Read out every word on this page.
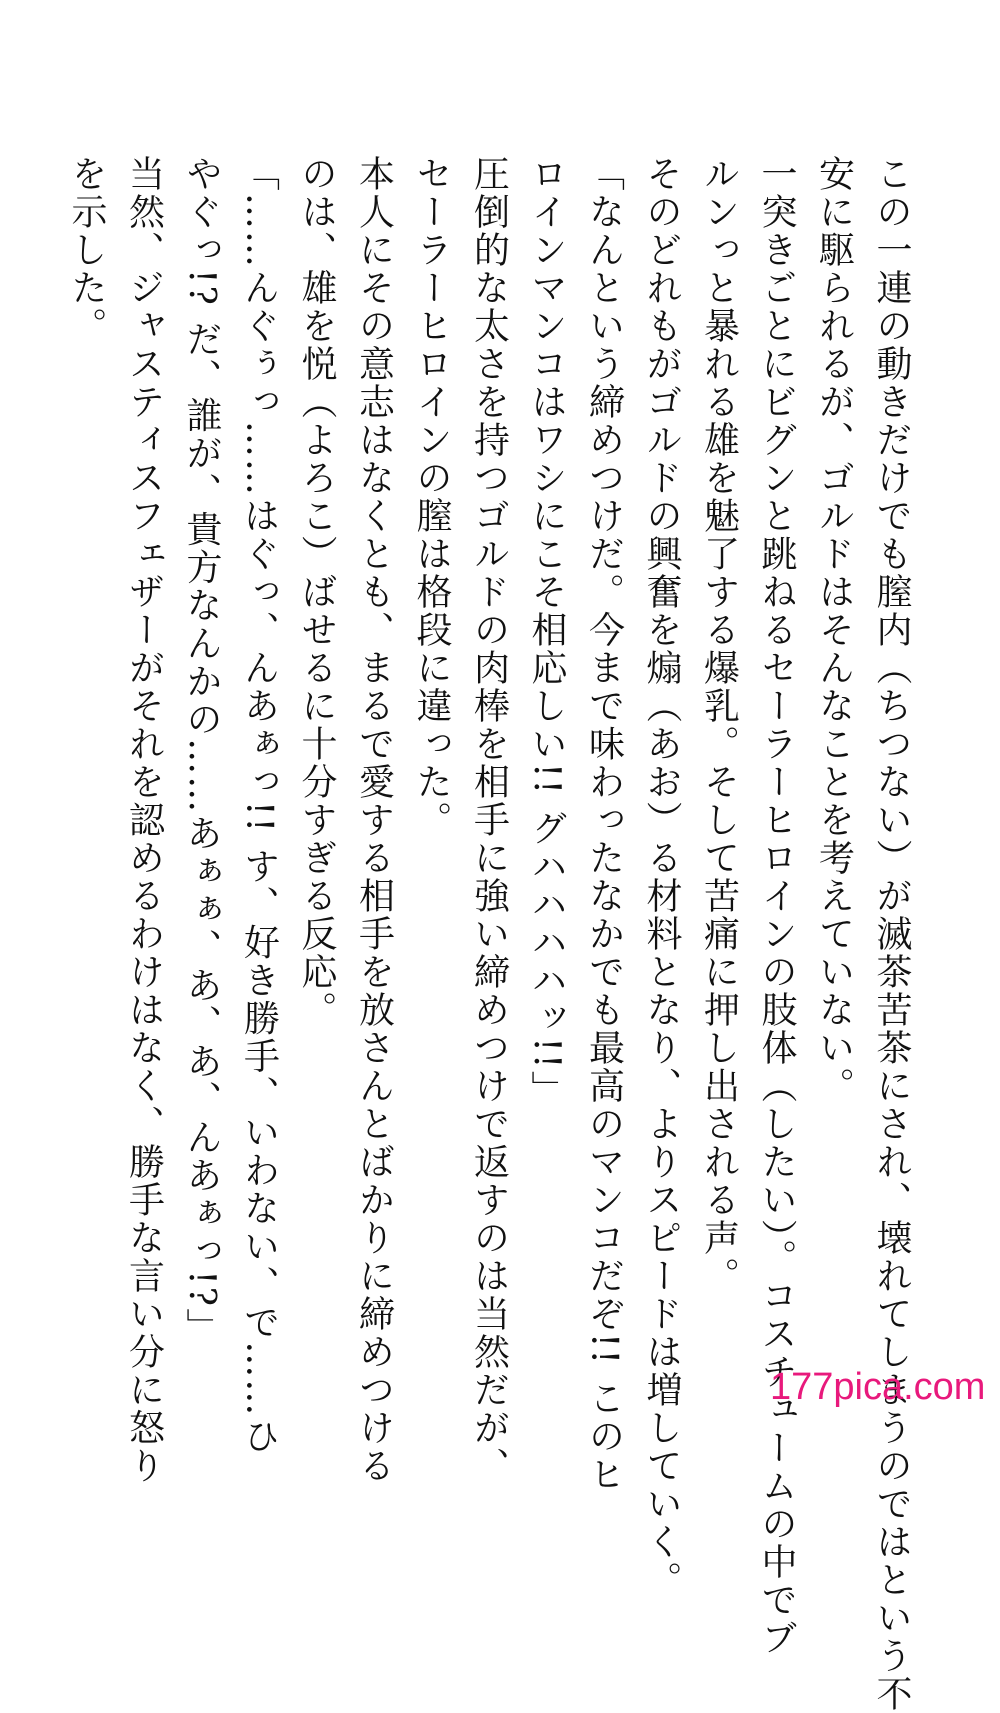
この一連の動きだけでも膣内（ちつない）が滅茶苦茶にされ、壊れてしまうのではという不
安に駆られるが、ゴルドはそんなことを考えていない。
一突きごとにビグンと跳ねるセーラーヒロインの肢体（したい）。コスチュームの中でブ
ルンっと暴れる雄を魅了する爆乳。そして苦痛に押し出される声。
そのどれもがゴルドの興奮を煽（あお）る材料となり、よりスピードは増していく。
「なんという締めつけだ。今まで味わったなかでも最高のマンコだぞ!! このヒ
ロインマンコはワシにこそ相応しい!! グハハハハッ!!」
圧倒的な太さを持つゴルドの肉棒を相手に強い締めつけで返すのは当然だが、
セーラーヒロインの膣は格段に違った。
本人にその意志はなくとも、まるで愛する相手を放さんとばかりに締めつける
のは、雄を悦（よろこ）ばせるに十分すぎる反応。
「……んぐぅっ……はぐっ、んあぁっ!! す、好き勝手、いわない、で……ひ
やぐっ!? だ、誰が、貴方なんかの……あぁぁ、あ、あ、んあぁっ!?」
当然、ジャスティスフェザーがそれを認めるわけはなく、勝手な言い分に怒り
を示した。
177pica.com
